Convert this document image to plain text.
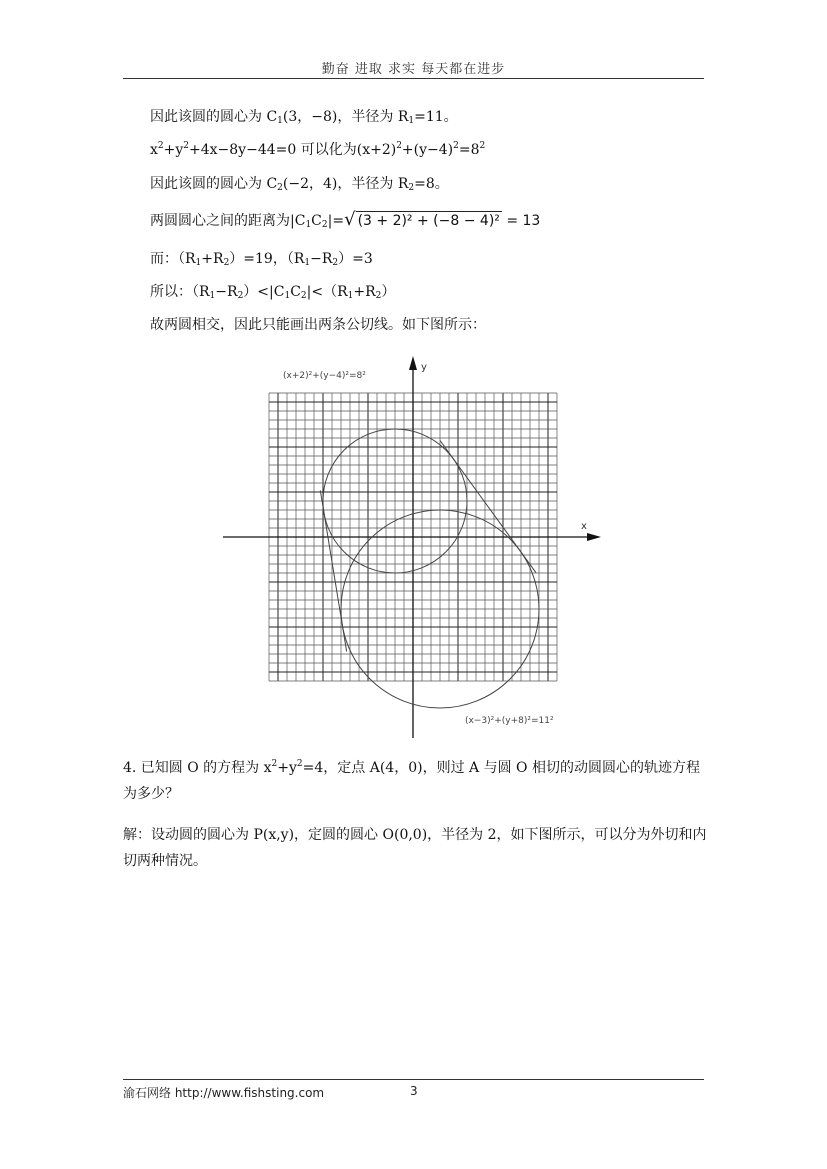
勤奋 进取 求实 每天都在进步
因此该圆的圆心为 $C_1(3$，−8)，半径为 $R_1=11$。
$x^2+y^2+4x-8y-44=0$ 可以化为$(x+2)^2+(y-4)^2=8^2$
因此该圆的圆心为 $C_2(-2$，4)，半径为 $R_2=8$。
两圆圆心之间的距离为$|C_1C_2|=√$ (3 + 2)² + (−8 − 4)² = 13
而：$(R_1+R_2)=19$，$(R_1-R_2)=3$
所以：$(R_1-R_2)<|C_1C_2|<(R_1+R_2)$
故两圆相交，因此只能画出两条公切线。如下图所示：
x
y
(x+2)²+(y−4)²=8²
(x−3)²+(y+8)²=11²
4. 已知圆 O 的方程为 $x^2+y^2=4$，定点 A(4，0)，则过 A 与圆 O 相切的动圆圆心的轨迹方程为多少？
解：设动圆的圆心为 P(x,y)，定圆的圆心 O(0,0)，半径为 2，如下图所示，可以分为外切和内切两种情况。
渝石网络 http://www.fishsting.com	3
